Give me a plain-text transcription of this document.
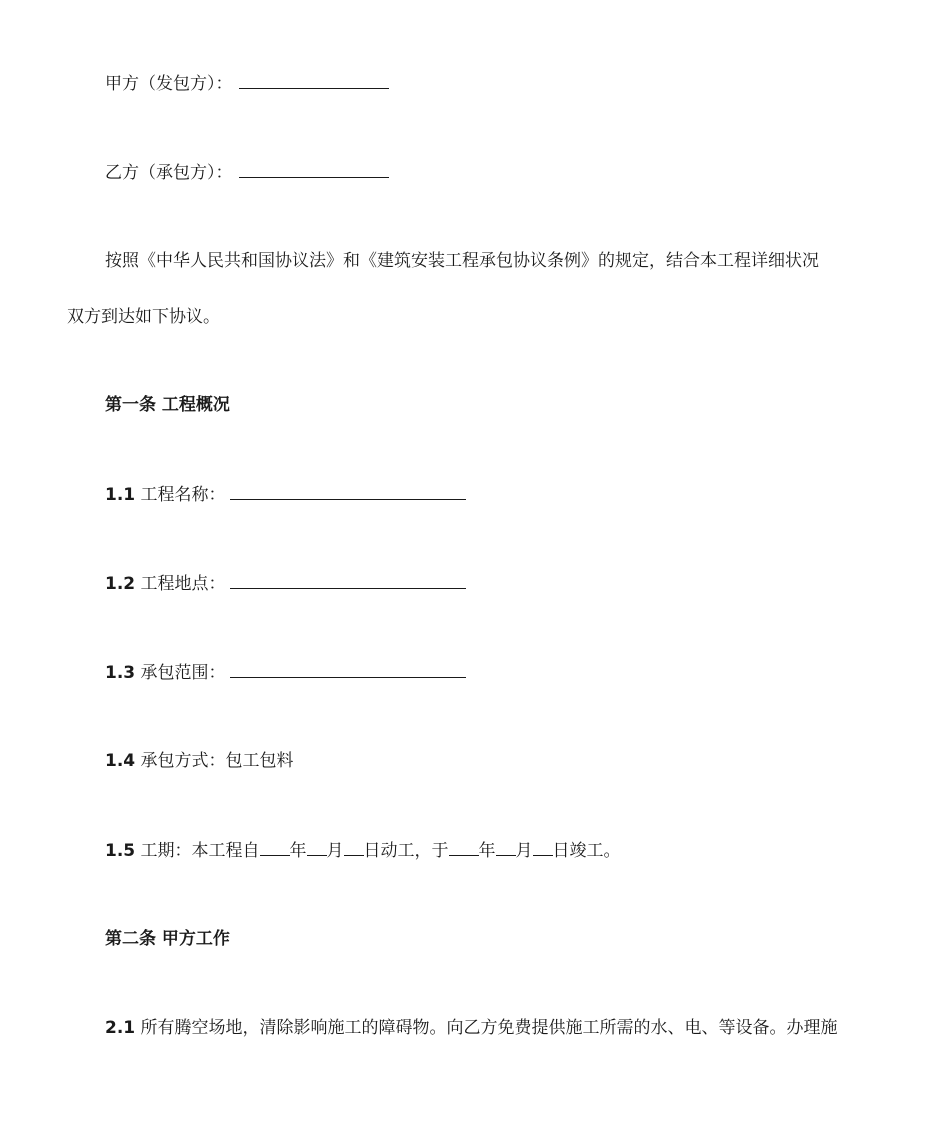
甲方（发包方）：
乙方（承包方）：
按照《中华人民共和国协议法》和《建筑安装工程承包协议条例》的规定，结合本工程详细状况
双方到达如下协议。
第一条 工程概况
1.1 工程名称：
1.2 工程地点：
1.3 承包范围：
1.4 承包方式：包工包料
1.5 工期：本工程自 年 月 日动工，于 年 月 日竣工。
第二条 甲方工作
2.1 所有腾空场地，清除影响施工的障碍物。向乙方免费提供施工所需的水、电、等设备。办理施
